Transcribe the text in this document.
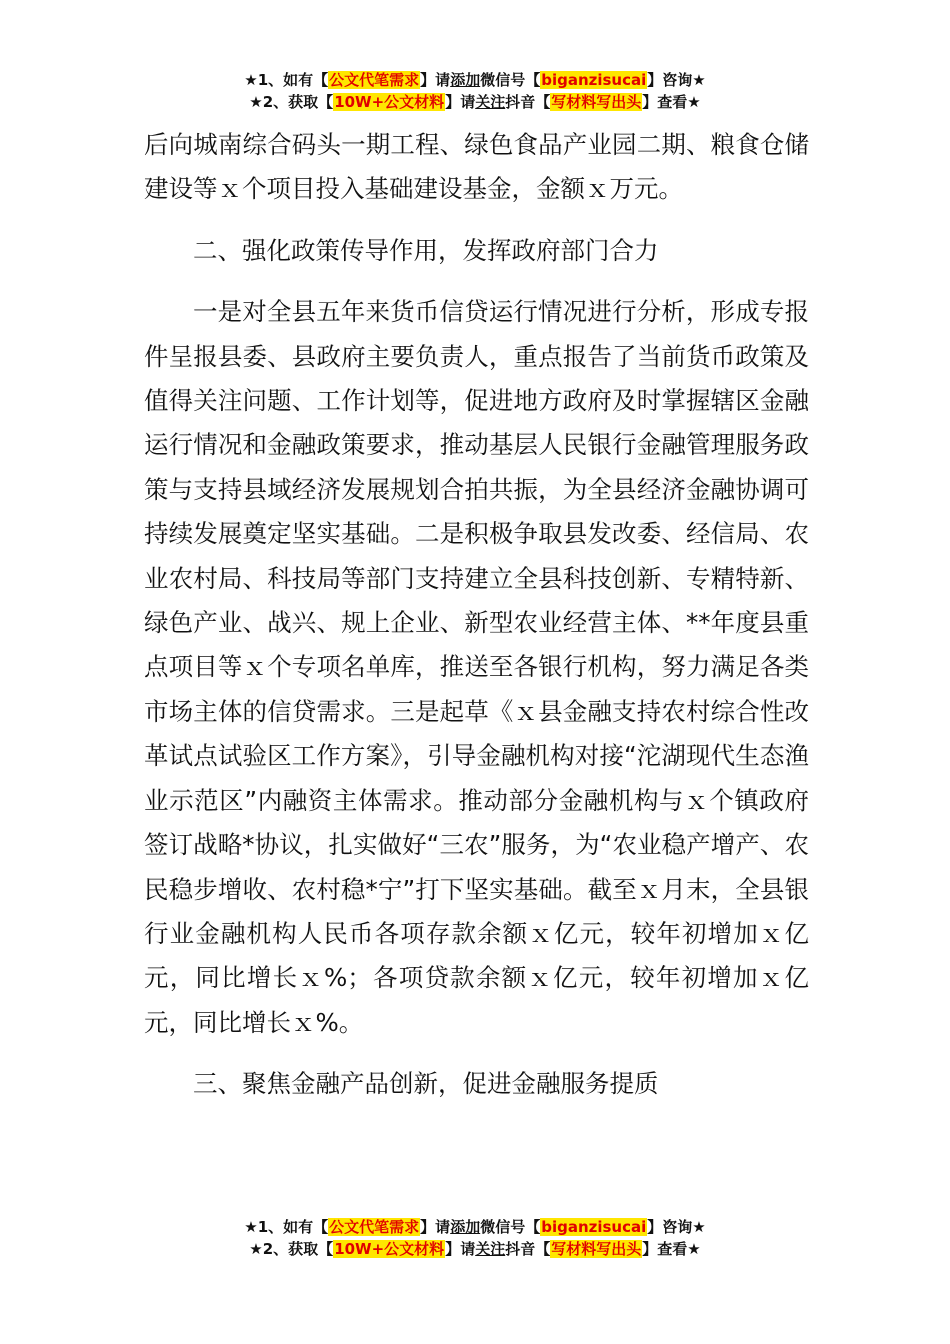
★1、如有【公文代笔需求】请添加微信号【biganzisucai】咨询★
★2、获取【10W+公文材料】请关注抖音【写材料写出头】查看★

后向城南综合码头一期工程、绿色食品产业园二期、粮食仓储建设等ｘ个项目投入基础建设基金，金额ｘ万元。

二、强化政策传导作用，发挥政府部门合力

一是对全县五年来货币信贷运行情况进行分析，形成专报件呈报县委、县政府主要负责人，重点报告了当前货币政策及值得关注问题、工作计划等，促进地方政府及时掌握辖区金融运行情况和金融政策要求，推动基层人民银行金融管理服务政策与支持县域经济发展规划合拍共振，为全县经济金融协调可持续发展奠定坚实基础。二是积极争取县发改委、经信局、农业农村局、科技局等部门支持建立全县科技创新、专精特新、绿色产业、战兴、规上企业、新型农业经营主体、**年度县重点项目等ｘ个专项名单库，推送至各银行机构，努力满足各类市场主体的信贷需求。三是起草《ｘ县金融支持农村综合性改革试点试验区工作方案》，引导金融机构对接“沱湖现代生态渔业示范区”内融资主体需求。推动部分金融机构与ｘ个镇政府签订战略*协议，扎实做好“三农”服务，为“农业稳产增产、农民稳步增收、农村稳*宁”打下坚实基础。截至ｘ月末，全县银行业金融机构人民币各项存款余额ｘ亿元，较年初增加ｘ亿元，同比增长ｘ%；各项贷款余额ｘ亿元，较年初增加ｘ亿元，同比增长ｘ%。

三、聚焦金融产品创新，促进金融服务提质

★1、如有【公文代笔需求】请添加微信号【biganzisucai】咨询★
★2、获取【10W+公文材料】请关注抖音【写材料写出头】查看★
